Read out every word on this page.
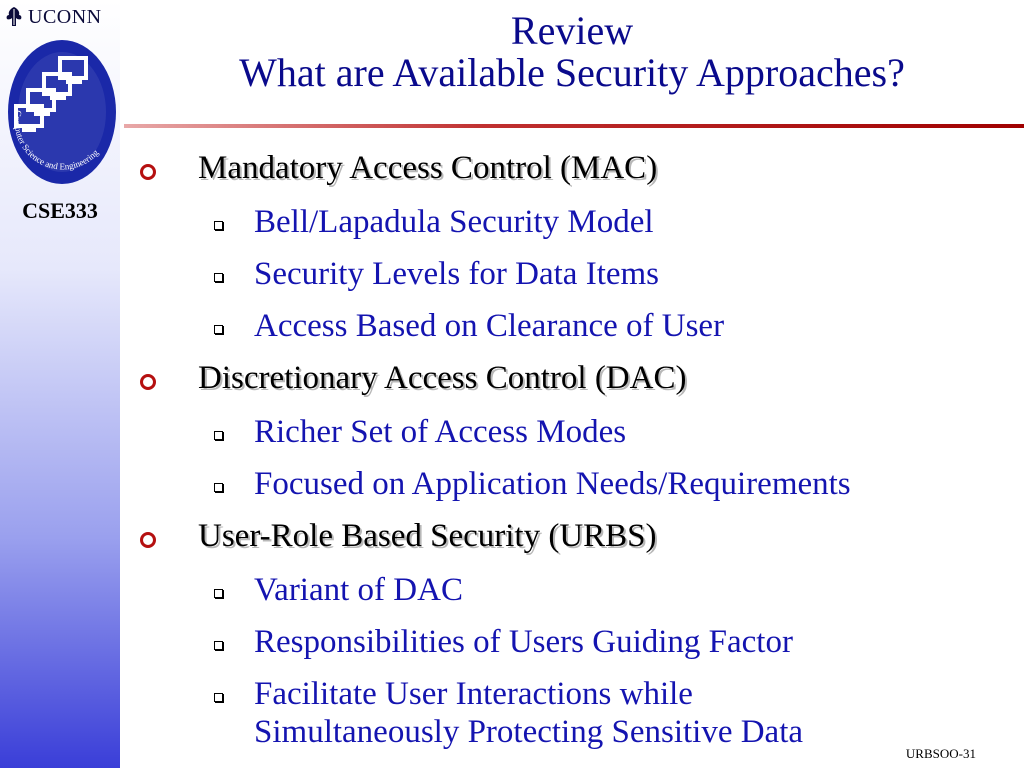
UCONN
Computer Science and Engineering
CSE333
Review
What are Available Security Approaches?
Mandatory Access Control (MAC)
Bell/Lapadula Security Model
Security Levels for Data Items
Access Based on Clearance of User
Discretionary Access Control (DAC)
Richer Set of Access Modes
Focused on Application Needs/Requirements
User-Role Based Security (URBS)
Variant of DAC
Responsibilities of Users Guiding Factor
Facilitate User Interactions while
Simultaneously Protecting Sensitive Data
URBSOO-31
